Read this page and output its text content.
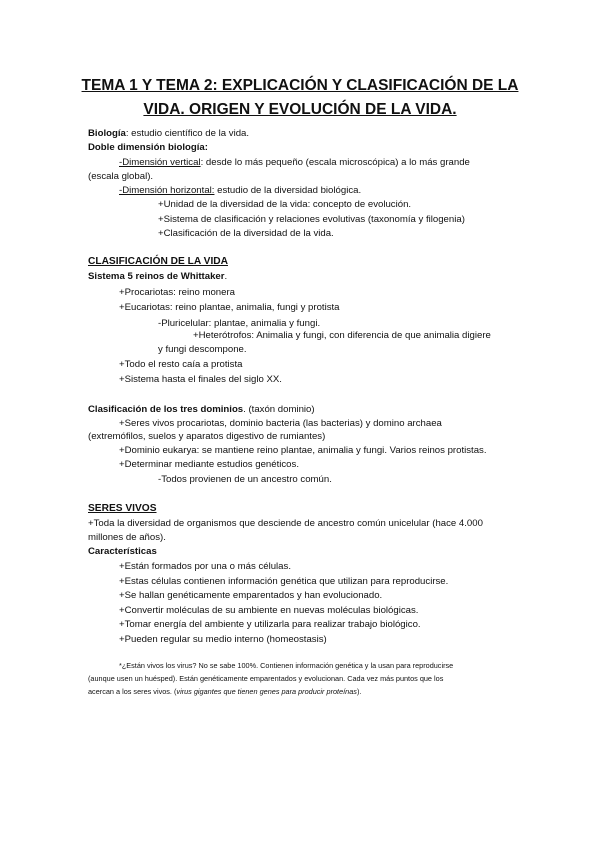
TEMA 1 Y TEMA 2: EXPLICACIÓN Y CLASIFICACIÓN DE LA
VIDA. ORIGEN Y EVOLUCIÓN DE LA VIDA.
Biología: estudio científico de la vida.
Doble dimensión biología:
-Dimensión vertical: desde lo más pequeño (escala microscópica) a lo más grande
(escala global).
-Dimensión horizontal: estudio de la diversidad biológica.
+Unidad de la diversidad de la vida: concepto de evolución.
+Sistema de clasificación y relaciones evolutivas (taxonomía y filogenia)
+Clasificación de la diversidad de la vida.
CLASIFICACIÓN DE LA VIDA
Sistema 5 reinos de Whittaker.
+Procariotas: reino monera
+Eucariotas: reino plantae, animalia, fungi y protista
-Pluricelular: plantae, animalia y fungi.
+Heterótrofos: Animalia y fungi, con diferencia de que animalia digiere
y fungi descompone.
+Todo el resto caía a protista
+Sistema hasta el finales del siglo XX.
Clasificación de los tres dominios. (taxón dominio)
+Seres vivos procariotas, dominio bacteria (las bacterias) y domino archaea
(extremófilos, suelos y aparatos digestivo de rumiantes)
+Dominio eukarya: se mantiene reino plantae, animalia y fungi. Varios reinos protistas.
+Determinar mediante estudios genéticos.
-Todos provienen de un ancestro común.
SERES VIVOS
+Toda la diversidad de organismos que desciende de ancestro común unicelular (hace 4.000
millones de años).
Características
+Están formados por una o más células.
+Estas células contienen información genética que utilizan para reproducirse.
+Se hallan genéticamente emparentados y han evolucionado.
+Convertir moléculas de su ambiente en nuevas moléculas biológicas.
+Tomar energía del ambiente y utilizarla para realizar trabajo biológico.
+Pueden regular su medio interno (homeostasis)
*¿Están vivos los virus? No se sabe 100%. Contienen información genética y la usan para reproducirse
(aunque usen un huésped). Están genéticamente emparentados y evolucionan. Cada vez más puntos que los
acercan a los seres vivos. (virus gigantes que tienen genes para producir proteínas).
